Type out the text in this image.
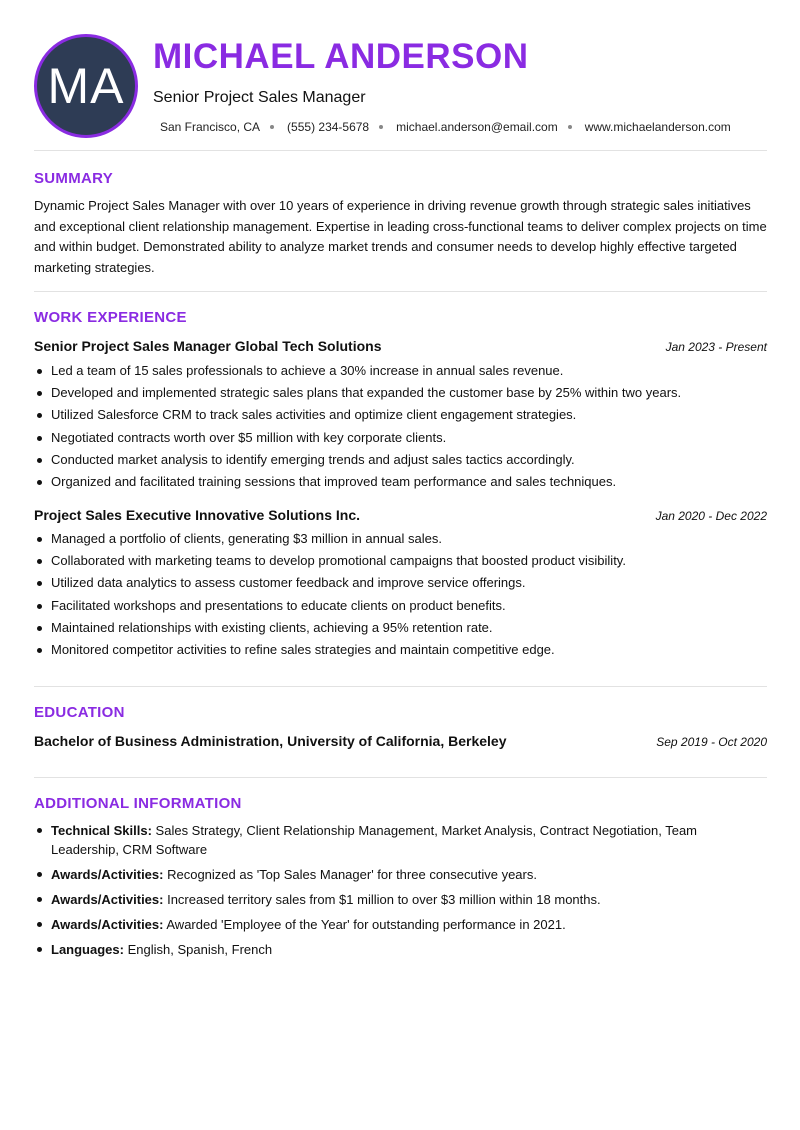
MA
MICHAEL ANDERSON
Senior Project Sales Manager
San Francisco, CA (555) 234-5678 michael.anderson@email.com www.michaelanderson.com
SUMMARY

Dynamic Project Sales Manager with over 10 years of experience in driving revenue growth through strategic sales initiatives and exceptional client relationship management. Expertise in leading cross-functional teams to deliver complex projects on time and within budget. Demonstrated ability to analyze market trends and consumer needs to develop highly effective targeted marketing strategies.

WORK EXPERIENCE
Senior Project Sales Manager Global Tech Solutions	Jan 2023 - Present
Led a team of 15 sales professionals to achieve a 30% increase in annual sales revenue.
Developed and implemented strategic sales plans that expanded the customer base by 25% within two years.
Utilized Salesforce CRM to track sales activities and optimize client engagement strategies.
Negotiated contracts worth over $5 million with key corporate clients.
Conducted market analysis to identify emerging trends and adjust sales tactics accordingly.
Organized and facilitated training sessions that improved team performance and sales techniques.
Project Sales Executive Innovative Solutions Inc.	Jan 2020 - Dec 2022
Managed a portfolio of clients, generating $3 million in annual sales.
Collaborated with marketing teams to develop promotional campaigns that boosted product visibility.
Utilized data analytics to assess customer feedback and improve service offerings.
Facilitated workshops and presentations to educate clients on product benefits.
Maintained relationships with existing clients, achieving a 95% retention rate.
Monitored competitor activities to refine sales strategies and maintain competitive edge.
EDUCATION
Bachelor of Business Administration, University of California, Berkeley	Sep 2019 - Oct 2020
ADDITIONAL INFORMATION
Technical Skills: Sales Strategy, Client Relationship Management, Market Analysis, Contract Negotiation, Team Leadership, CRM Software
Awards/Activities: Recognized as 'Top Sales Manager' for three consecutive years.
Awards/Activities: Increased territory sales from $1 million to over $3 million within 18 months.
Awards/Activities: Awarded 'Employee of the Year' for outstanding performance in 2021.
Languages: English, Spanish, French
